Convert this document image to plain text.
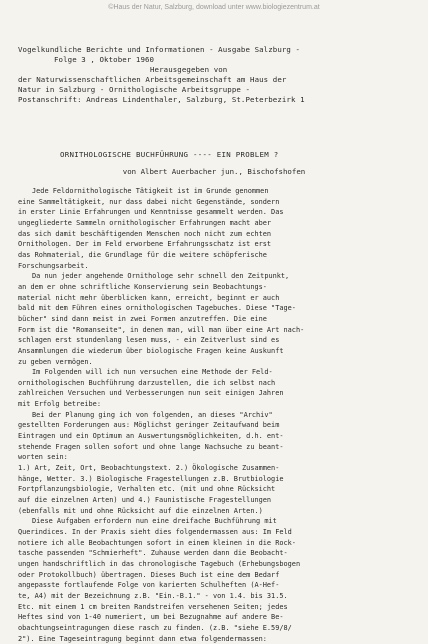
©Haus der Natur, Salzburg, download unter www.biologiezentrum.at
Vogelkundliche Berichte und Informationen - Ausgabe Salzburg -
Folge 3 , Oktober 1960
Herausgegeben von
der Naturwissenschaftlichen Arbeitsgemeinschaft am Haus der
Natur in Salzburg - Ornithologische Arbeitsgruppe -
Postanschrift: Andreas Lindenthaler, Salzburg, St.Peterbezirk 1
ORNITHOLOGISCHE BUCHFÜHRUNG ---- EIN PROBLEM ?
von Albert Auerbacher jun., Bischofshofen
Jede Feldornithologische Tätigkeit ist im Grunde genommen
eine Sammeltätigkeit, nur dass dabei nicht Gegenstände, sondern
in erster Linie Erfahrungen und Kenntnisse gesammelt werden. Das
ungegliederte Sammeln ornithologischer Erfahrungen macht aber
das sich damit beschäftigenden Menschen noch nicht zum echten
Ornithologen. Der im Feld erworbene Erfahrungsschatz ist erst
das Rohmaterial, die Grundlage für die weitere schöpferische
Forschungsarbeit.
Da nun jeder angehende Ornithologe sehr schnell den Zeitpunkt,
an dem er ohne schriftliche Konservierung sein Beobachtungs-
material nicht mehr überblicken kann, erreicht, beginnt er auch
bald mit dem Führen eines ornithologischen Tagebuches. Diese "Tage-
bücher" sind dann meist in zwei Formen anzutreffen. Die eine
Form ist die "Romanseite", in denen man, will man über eine Art nach-
schlagen erst stundenlang lesen muss, - ein Zeitverlust sind es
Ansammlungen die wiederum über biologische Fragen keine Auskunft
zu geben vermögen.
Im Folgenden will ich nun versuchen eine Methode der Feld-
ornithologischen Buchführung darzustellen, die ich selbst nach
zahlreichen Versuchen und Verbesserungen nun seit einigen Jahren
mit Erfolg betreibe:
Bei der Planung ging ich von folgenden, an dieses "Archiv"
gestellten Forderungen aus: Möglichst geringer Zeitaufwand beim
Eintragen und ein Optimum an Auswertungsmöglichkeiten, d.h. ent-
stehende Fragen sollen sofort und ohne lange Nachsuche zu beant-
worten sein:
1.) Art, Zeit, Ort, Beobachtungstext. 2.) Ökologische Zusammen-
hänge, Wetter. 3.) Biologische Fragestellungen z.B. Brutbiologie
Fortpflanzungsbiologie, Verhalten etc. (mit und ohne Rücksicht
auf die einzelnen Arten) und 4.) Faunistische Fragestellungen
(ebenfalls mit und ohne Rücksicht auf die einzelnen Arten.)
Diese Aufgaben erfordern nun eine dreifache Buchführung mit
Querindices. In der Praxis sieht dies folgendermassen aus: Im Feld
notiere ich alle Beobachtungen sofort in einem kleinen in die Rock-
tasche passenden "Schmierheft". Zuhause werden dann die Beobacht-
ungen handschriftlich in das chronologische Tagebuch (Erhebungsbogen
oder Protokollbuch) übertragen. Dieses Buch ist eine dem Bedarf
angepasste fortlaufende Folge von karierten Schulheften (A-Hef-
te, A4) mit der Bezeichnung z.B. "Ein.-B.1." - von 1.4. bis 31.5.
Etc. mit einem 1 cm breiten Randstreifen versehenen Seiten; jedes
Heftes sind von 1-40 numeriert, um bei Bezugnahme auf andere Be-
obachtungseintragungen diese rasch zu finden. (z.B. "siehe E.59/8/
2"). Eine Tageseintragung beginnt dann etwa folgendermassen:
